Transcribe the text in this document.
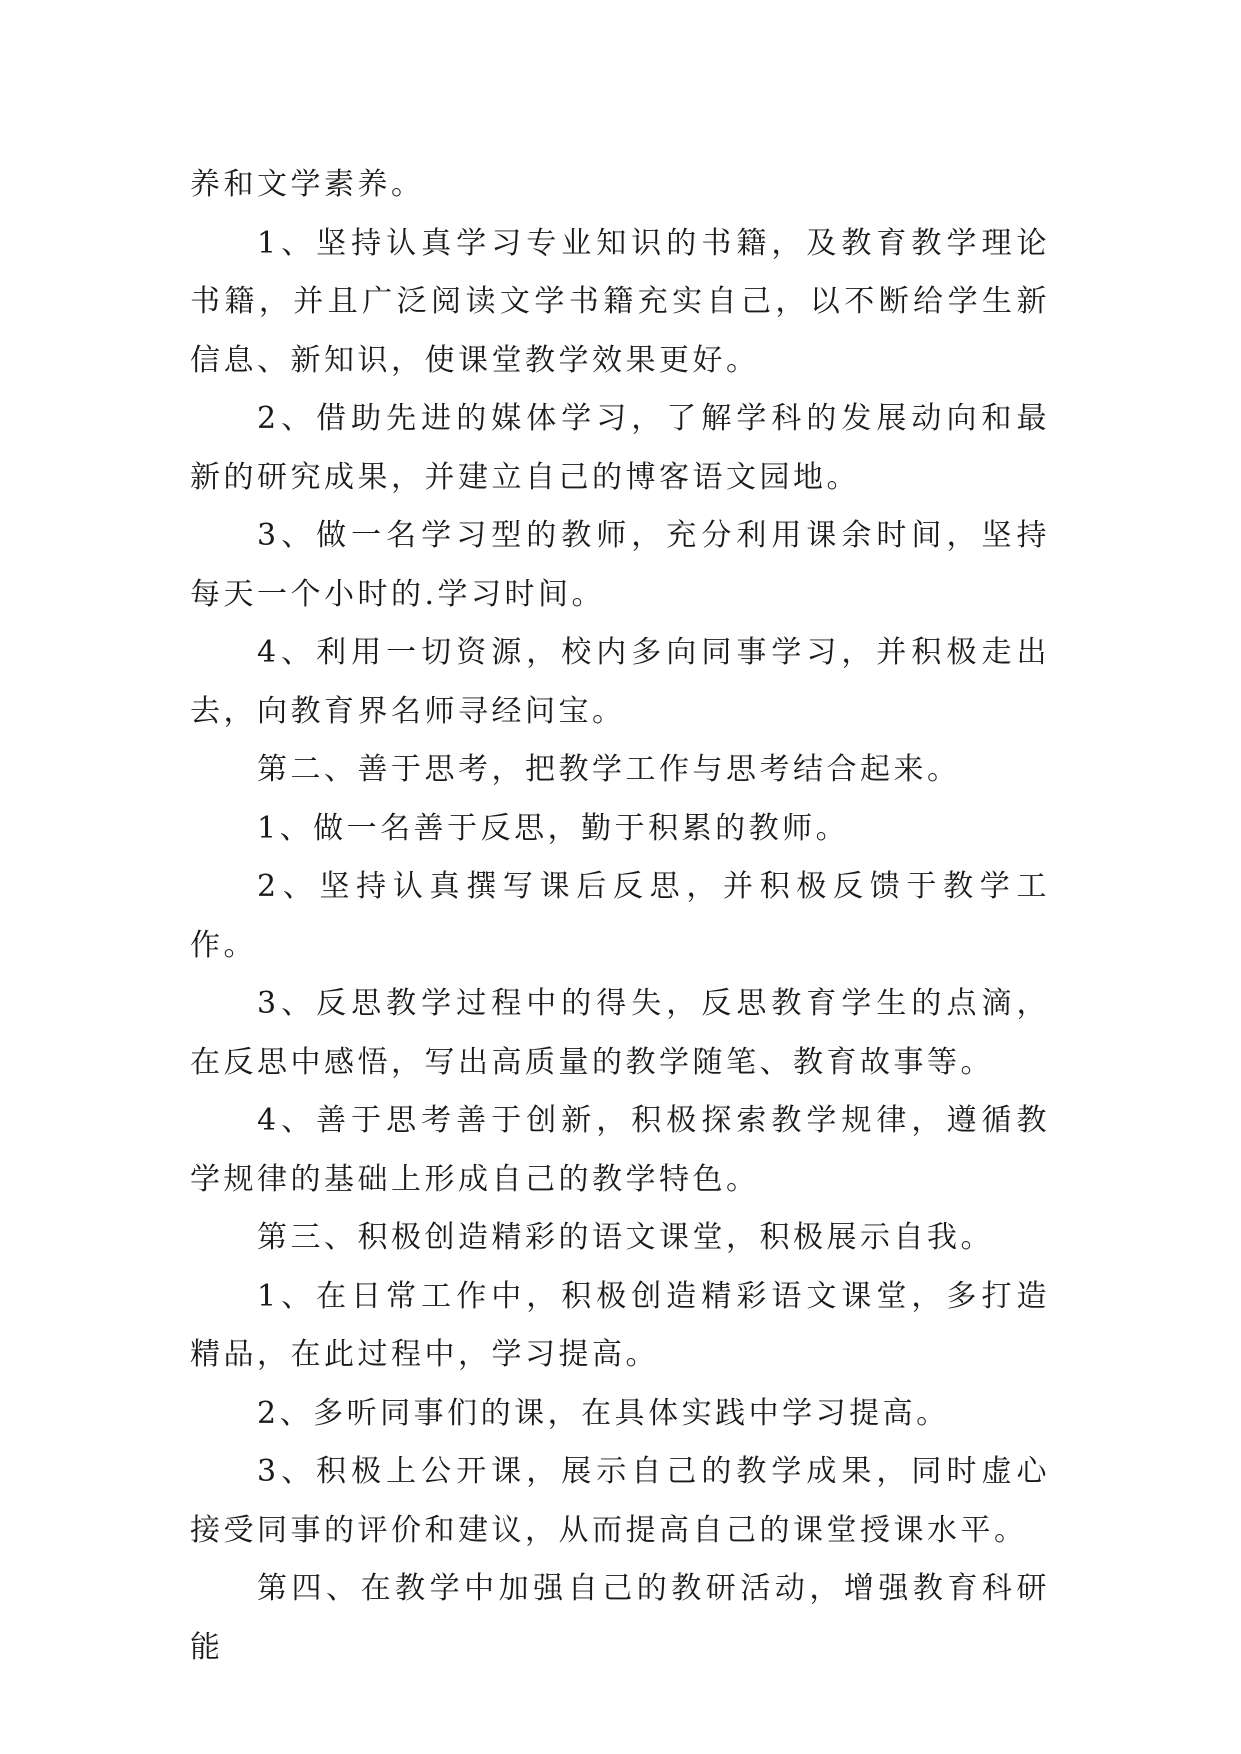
养和文学素养。

1、坚持认真学习专业知识的书籍，及教育教学理论书籍，并且广泛阅读文学书籍充实自己，以不断给学生新信息、新知识，使课堂教学效果更好。

2、借助先进的媒体学习，了解学科的发展动向和最新的研究成果，并建立自己的博客语文园地。

3、做一名学习型的教师，充分利用课余时间，坚持每天一个小时的.学习时间。

4、利用一切资源，校内多向同事学习，并积极走出去，向教育界名师寻经问宝。

第二、善于思考，把教学工作与思考结合起来。

1、做一名善于反思，勤于积累的教师。

2、坚持认真撰写课后反思，并积极反馈于教学工作。

3、反思教学过程中的得失，反思教育学生的点滴，在反思中感悟，写出高质量的教学随笔、教育故事等。

4、善于思考善于创新，积极探索教学规律，遵循教学规律的基础上形成自己的教学特色。

第三、积极创造精彩的语文课堂，积极展示自我。

1、在日常工作中，积极创造精彩语文课堂，多打造精品，在此过程中，学习提高。

2、多听同事们的课，在具体实践中学习提高。

3、积极上公开课，展示自己的教学成果，同时虚心接受同事的评价和建议，从而提高自己的课堂授课水平。

第四、在教学中加强自己的教研活动，增强教育科研能
